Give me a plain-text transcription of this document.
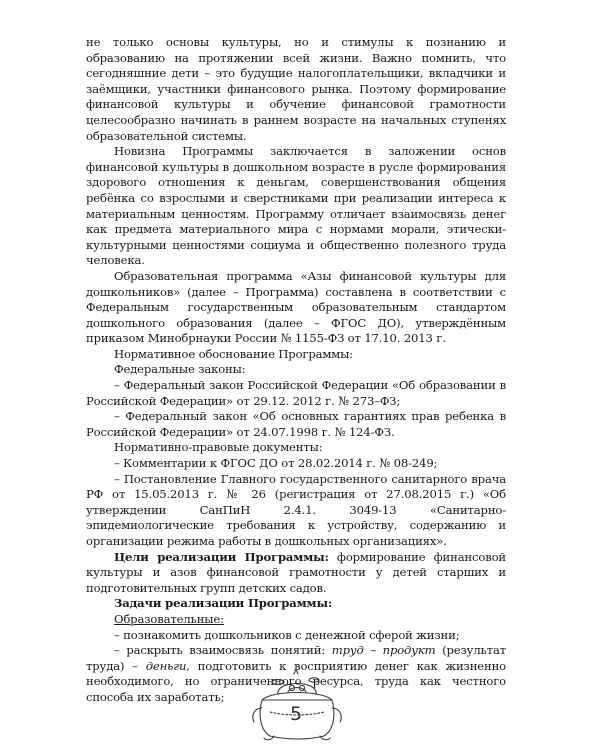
не только основы культуры, но и стимулы к познанию и образованию на протяжении всей жизни. Важно помнить, что сегодняшние дети – это будущие налогоплательщики, вкладчики и заёмщики, участники финансового рынка. Поэтому формирование финансовой культуры и обучение финансовой грамотности целесообразно начинать в раннем возрасте на начальных ступенях образовательной системы.

Новизна Программы заключается в заложении основ финансовой культуры в дошкольном возрасте в русле формирования здорового отношения к деньгам, совершенствования общения ребёнка со взрослыми и сверстниками при реализации интереса к материальным ценностям. Программу отличает взаимосвязь денег как предмета материального мира с нормами морали, этически-культурными ценностями социума и общественно полезного труда человека.

Образовательная программа «Азы финансовой культуры для дошкольников» (далее – Программа) составлена в соответствии с Федеральным государственным образовательным стандартом дошкольного образования (далее – ФГОС ДО), утверждённым приказом Минобрнауки России № 1155-ФЗ от 17.10. 2013 г.

Нормативное обоснование Программы:

Федеральные законы:

– Федеральный закон Российской Федерации «Об образовании в Российской Федерации» от 29.12. 2012 г. № 273–ФЗ;

– Федеральный закон «Об основных гарантиях прав ребенка в Российской Федерации» от 24.07.1998 г. № 124-ФЗ.

Нормативно-правовые документы:

– Комментарии к ФГОС ДО от 28.02.2014 г. № 08-249;

– Постановление Главного государственного санитарного врача РФ от 15.05.2013 г. № 26 (регистрация от 27.08.2015 г.) «Об утверждении СанПиН 2.4.1. 3049-13 «Санитарно-эпидемиологические требования к устройству, содержанию и организации режима работы в дошкольных организациях».

Цели реализации Программы: формирование финансовой культуры и азов финансовой грамотности у детей старших и подготовительных групп детских садов.

Задачи реализации Программы:

Образовательные:

– познакомить дошкольников с денежной сферой жизни;

– раскрыть взаимосвязь понятий: труд – продукт (результат труда) – деньги, подготовить к восприятию денег как жизненно необходимого, но ограниченного ресурса, труда как честного способа их заработать;

5
